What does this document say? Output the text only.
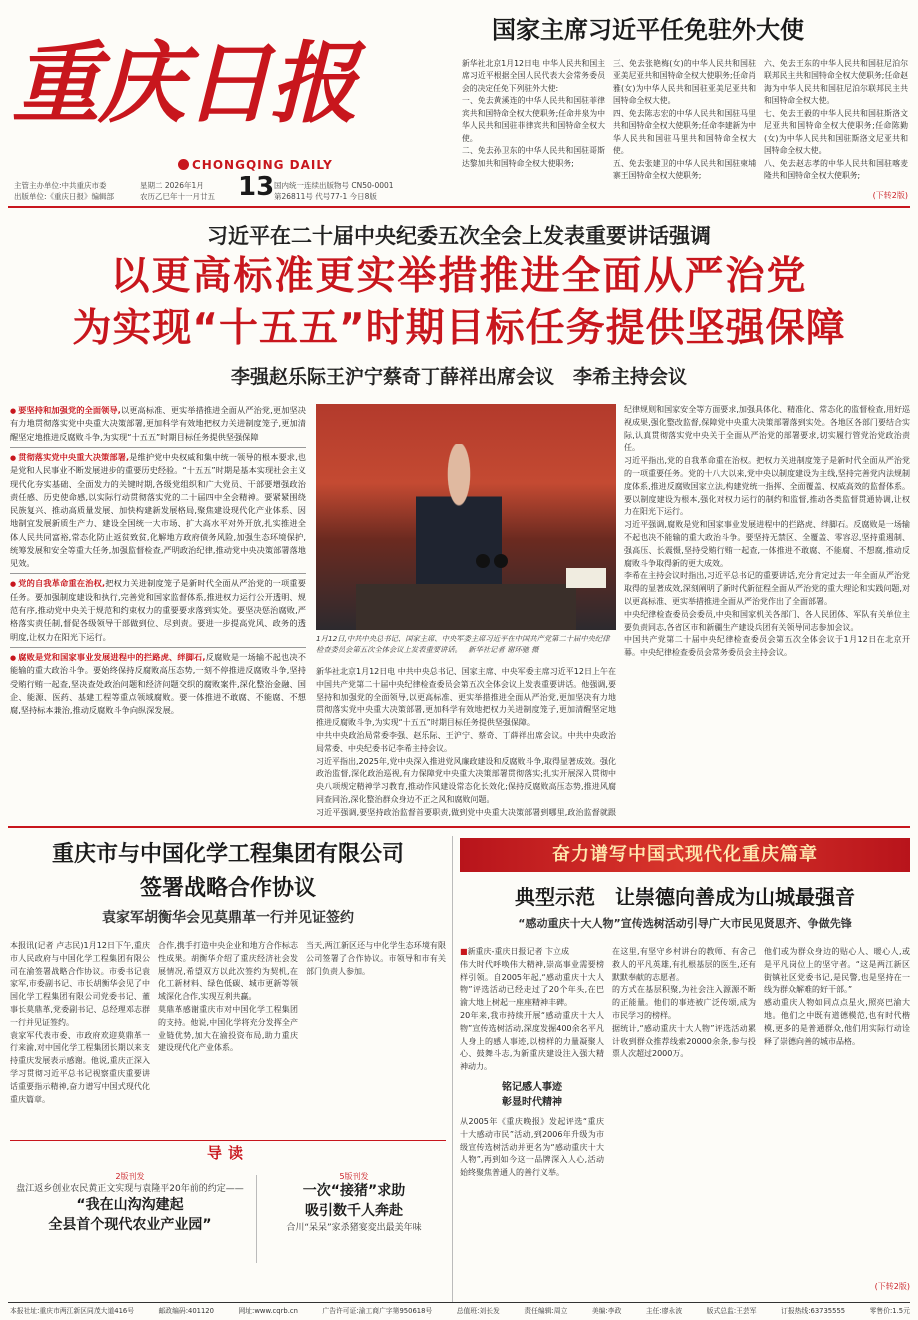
重庆日报
CHONGQING DAILY
主管主办单位:中共重庆市委
出版单位:《重庆日报》编辑部
星期二 2026年1月
农历乙巳年十一月廿五 13 国内统一连续出版物号 CN50-0001
第26811号 代号77-1 今日8版
国家主席习近平任免驻外大使

新华社北京1月12日电 中华人民共和国主席习近平根据全国人民代表大会常务委员会的决定任免下列驻外大使:

一、免去黄溪连的中华人民共和国驻菲律宾共和国特命全权大使职务;任命井泉为中华人民共和国驻菲律宾共和国特命全权大使。

二、免去孙卫东的中华人民共和国驻哥斯达黎加共和国特命全权大使职务;

三、免去张艳梅(女)的中华人民共和国驻亚美尼亚共和国特命全权大使职务;任命肖雅(女)为中华人民共和国驻亚美尼亚共和国特命全权大使。

四、免去陈志宏的中华人民共和国驻马里共和国特命全权大使职务;任命李建新为中华人民共和国驻马里共和国特命全权大使。

五、免去张建卫的中华人民共和国驻柬埔寨王国特命全权大使职务;

六、免去王东的中华人民共和国驻尼泊尔联邦民主共和国特命全权大使职务;任命赵海为中华人民共和国驻尼泊尔联邦民主共和国特命全权大使。

七、免去王毅的中华人民共和国驻斯洛文尼亚共和国特命全权大使职务;任命陈勤(女)为中华人民共和国驻斯洛文尼亚共和国特命全权大使。

八、免去赵志孝的中华人民共和国驻喀麦隆共和国特命全权大使职务;

(下转2版)
习近平在二十届中央纪委五次全会上发表重要讲话强调
以更高标准更实举措推进全面从严治党
为实现“十五五”时期目标任务提供坚强保障
李强赵乐际王沪宁蔡奇丁薛祥出席会议　李希主持会议

● 要坚持和加强党的全面领导,以更高标准、更实举措推进全面从严治党,更加坚决有力地贯彻落实党中央重大决策部署,更加科学有效地把权力关进制度笼子,更加清醒坚定地推进反腐败斗争,为实现“十五五”时期目标任务提供坚强保障

● 贯彻落实党中央重大决策部署,是维护党中央权威和集中统一领导的根本要求,也是党和人民事业不断发展进步的重要历史经验。“十五五”时期是基本实现社会主义现代化夯实基础、全面发力的关键时期,各级党组织和广大党员、干部要增强政治责任感、历史使命感,以实际行动贯彻落实党的二十届四中全会精神。要紧紧围绕民族复兴、推动高质量发展、加快构建新发展格局,聚焦建设现代化产业体系、因地制宜发展新质生产力、建设全国统一大市场、扩大高水平对外开放,扎实推进全体人民共同富裕,常态化防止返贫致贫,化解地方政府债务风险,加强生态环境保护,统筹发展和安全等重大任务,加强监督检查,严明政治纪律,推动党中央决策部署落地见效。

● 党的自我革命重在治权,把权力关进制度笼子是新时代全面从严治党的一项重要任务。要加强制度建设和执行,完善党和国家监督体系,推进权力运行公开透明、规范有序,推动党中央关于规范和约束权力的重要要求落到实处。要坚决惩治腐败,严格落实责任制,督促各级领导干部做到位、尽到责。要进一步提高党风、政务的透明度,让权力在阳光下运行。

● 腐败是党和国家事业发展进程中的拦路虎、绊脚石,反腐败是一场输不起也决不能输的重大政治斗争。要始终保持反腐败高压态势,一刻不停推进反腐败斗争,坚持受贿行贿一起查,坚决查处政治问题和经济问题交织的腐败案件,深化整治金融、国企、能源、医药、基建工程等重点领域腐败。要一体推进不敢腐、不能腐、不想腐,坚持标本兼治,推动反腐败斗争向纵深发展。

1月12日,中共中央总书记、国家主席、中央军委主席习近平在中国共产党第二十届中央纪律检查委员会第五次全体会议上发表重要讲话。 新华社记者 谢环驰 摄

新华社北京1月12日电 中共中央总书记、国家主席、中央军委主席习近平12日上午在中国共产党第二十届中央纪律检查委员会第五次全体会议上发表重要讲话。他强调,要坚持和加强党的全面领导,以更高标准、更实举措推进全面从严治党,更加坚决有力地贯彻落实党中央重大决策部署,更加科学有效地把权力关进制度笼子,更加清醒坚定地推进反腐败斗争,为实现“十五五”时期目标任务提供坚强保障。

中共中央政治局常委李强、赵乐际、王沪宁、蔡奇、丁薛祥出席会议。中共中央政治局常委、中央纪委书记李希主持会议。

习近平指出,2025年,党中央深入推进党风廉政建设和反腐败斗争,取得显著成效。强化政治监督,深化政治巡视,有力保障党中央重大决策部署贯彻落实;扎实开展深入贯彻中央八项规定精神学习教育,推动作风建设常态化长效化;保持反腐败高压态势,推进风腐同查同治,深化整治群众身边不正之风和腐败问题。

习近平强调,要坚持政治监督首要职责,做到党中央重大决策部署到哪里,政治监督就跟

纪律规则和国家安全等方面要求,加强具体化、精准化、常态化的监督检查,用好巡视成果,强化整改监督,保障党中央重大决策部署落到实处。各地区各部门要结合实际,认真贯彻落实党中央关于全面从严治党的部署要求,切实履行管党治党政治责任。

习近平指出,党的自我革命重在治权。把权力关进制度笼子是新时代全面从严治党的一项重要任务。党的十八大以来,党中央以制度建设为主线,坚持完善党内法规制度体系,推进反腐败国家立法,构建党统一指挥、全面覆盖、权威高效的监督体系。要以制度建设为根本,强化对权力运行的制约和监督,推动各类监督贯通协调,让权力在阳光下运行。

习近平强调,腐败是党和国家事业发展进程中的拦路虎、绊脚石。反腐败是一场输不起也决不能输的重大政治斗争。要坚持无禁区、全覆盖、零容忍,坚持重遏制、强高压、长震慑,坚持受贿行贿一起查,一体推进不敢腐、不能腐、不想腐,推动反腐败斗争取得新的更大成效。

李希在主持会议时指出,习近平总书记的重要讲话,充分肯定过去一年全面从严治党取得的显著成效,深刻阐明了新时代新征程全面从严治党的重大理论和实践问题,对以更高标准、更实举措推进全面从严治党作出了全面部署。

中央纪律检查委员会委员,中央和国家机关各部门、各人民团体、军队有关单位主要负责同志,各省区市和新疆生产建设兵团有关领导同志参加会议。

中国共产党第二十届中央纪律检查委员会第五次全体会议于1月12日在北京开幕。中央纪律检查委员会常务委员会主持会议。

重庆市与中国化学工程集团有限公司
签署战略合作协议
袁家军胡衡华会见莫鼎革一行并见证签约

本报讯(记者 卢志民)1月12日

下午,重庆市人民政府与中国化学工程集团有限公司在渝签署战略合作协议。市委书记袁家军,市委副书记、市长胡衡华会见了中国化学工程集团有限公司党委书记、董事长莫鼎革,党委副书记、总经理邓志群一行并见证签约。

袁家军代表市委、市政府欢迎莫鼎革一行来渝,对中国化学工程集团长期以来支持重庆发展表示感谢。他说,重庆正深入学习贯彻习近平总书记视察重庆重要讲话重要指示精神,奋力谱写中国式现代化重庆篇章。

合作,携手打造中央企业和地方合作标志性成果。胡衡华介绍了重庆经济社会发展情况,希望双方以此次签约为契机,在化工新材料、绿色低碳、城市更新等领域深化合作,实现互利共赢。

莫鼎革感谢重庆市对中国化学工程集团的支持。他说,中国化学将充分发挥全产业链优势,加大在渝投资布局,助力重庆建设现代化产业体系。

当天,两江新区还与中化学生态环境有限公司签署了合作协议。市领导和市有关部门负责人参加。

导读
2版刊发
盘江返乡创业农民黄正文实现与袁隆平20年前的约定——
“我在山沟沟建起
全县首个现代农业产业园”
5版刊发
一次“接猪”求助
吸引数千人奔赴
合川“呆呆”家杀猪宴変出最美年味
奋力谱写中国式现代化重庆篇章
典型示范　让崇德向善成为山城最强音
“感动重庆十大人物”宣传选树活动引导广大市民见贤思齐、争做先锋

■新重庆-重庆日报记者 卞立成

伟大时代呼唤伟大精神,崇高事业需要榜样引领。自2005年起,“感动重庆十大人物”评选活动已经走过了20个年头,在巴渝大地上树起一座座精神丰碑。

20年来,我市持续开展“感动重庆十大人物”宣传选树活动,深度发掘400余名平凡人身上的感人事迹,以榜样的力量凝聚人心、鼓舞斗志,为新重庆建设注入强大精神动力。

铭记感人事迹
彰显时代精神

从2005年《重庆晚报》发起评选“重庆十大感动市民”活动,到2006年升级为市级宣传选树活动并更名为“感动重庆十大人物”,再到如今这一品牌深入人心,活动始终聚焦普通人的善行义举。

在这里,有坚守乡村讲台的教师、有舍己救人的平凡英雄,有扎根基层的医生,还有默默奉献的志愿者。

的方式在基层积聚,为社会注入源源不断的正能量。他们的事迹被广泛传颂,成为市民学习的榜样。

据统计,“感动重庆十大人物”评选活动累计收到群众推荐线索20000余条,参与投票人次超过2000万。

他们或为群众身边的贴心人、暖心人,或是平凡岗位上的坚守者。“这是两江新区街镇社区党委书记,是民警,也是坚持在一线为群众解难的好干部。”

感动重庆人物如同点点星火,照亮巴渝大地。他们之中既有道德模范,也有时代楷模,更多的是普通群众,他们用实际行动诠释了崇德向善的城市品格。

(下转2版)
本报社址:重庆市两江新区同茂大道416号	邮政编码:401120	网址:www.cqrb.cn	广告许可证:渝工商广字第950618号	总值班:刘长发	责任编辑:周立	美编:李政	主任:廖永波	版式总监:王芸军	订报热线:63735555	零售价:1.5元
